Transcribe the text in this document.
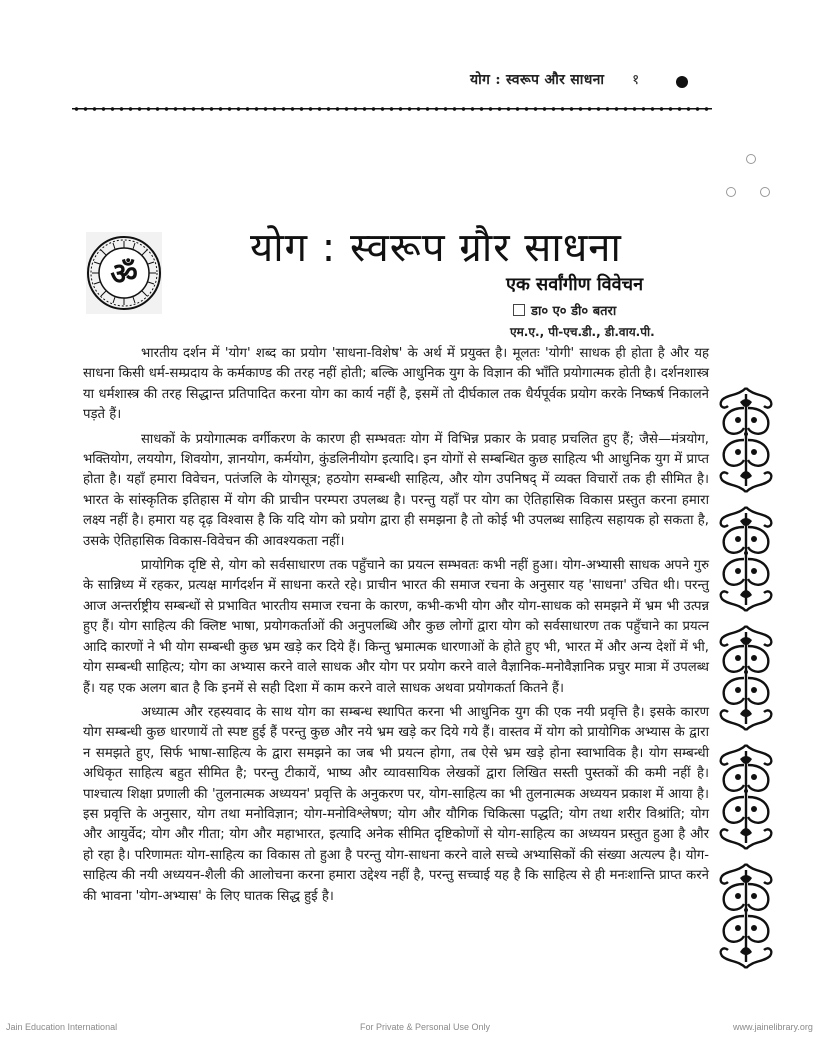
योग : स्वरूप और साधना १
ॐ
योग : स्वरूप ग्रौर साधना
एक सर्वांगीण विवेचन
डा० ए० डी० बतरा
एम.ए., पी-एच.डी., डी.वाय.पी.

भारतीय दर्शन में 'योग' शब्द का प्रयोग 'साधना-विशेष' के अर्थ में प्रयुक्त है। मूलतः 'योगी' साधक ही होता है और यह साधना किसी धर्म-सम्प्रदाय के कर्मकाण्ड की तरह नहीं होती; बल्कि आधुनिक युग के विज्ञान की भाँति प्रयोगात्मक होती है। दर्शनशास्त्र या धर्मशास्त्र की तरह सिद्धान्त प्रतिपादित करना योग का कार्य नहीं है, इसमें तो दीर्घकाल तक धैर्यपूर्वक प्रयोग करके निष्कर्ष निकालने पड़ते हैं।

साधकों के प्रयोगात्मक वर्गीकरण के कारण ही सम्भवतः योग में विभिन्न प्रकार के प्रवाह प्रचलित हुए हैं; जैसे—मंत्रयोग, भक्तियोग, लययोग, शिवयोग, ज्ञानयोग, कर्मयोग, कुंडलिनीयोग इत्यादि। इन योगों से सम्बन्धित कुछ साहित्य भी आधुनिक युग में प्राप्त होता है। यहाँ हमारा विवेचन, पतंजलि के योगसूत्र; हठयोग सम्बन्धी साहित्य, और योग उपनिषद् में व्यक्त विचारों तक ही सीमित है। भारत के सांस्कृतिक इतिहास में योग की प्राचीन परम्परा उपलब्ध है। परन्तु यहाँ पर योग का ऐतिहासिक विकास प्रस्तुत करना हमारा लक्ष्य नहीं है। हमारा यह दृढ़ विश्वास है कि यदि योग को प्रयोग द्वारा ही समझना है तो कोई भी उपलब्ध साहित्य सहायक हो सकता है, उसके ऐतिहासिक विकास-विवेचन की आवश्यकता नहीं।

प्रायोगिक दृष्टि से, योग को सर्वसाधारण तक पहुँचाने का प्रयत्न सम्भवतः कभी नहीं हुआ। योग-अभ्यासी साधक अपने गुरु के सान्निध्य में रहकर, प्रत्यक्ष मार्गदर्शन में साधना करते रहे। प्राचीन भारत की समाज रचना के अनुसार यह 'साधना' उचित थी। परन्तु आज अन्तर्राष्ट्रीय सम्बन्धों से प्रभावित भारतीय समाज रचना के कारण, कभी-कभी योग और योग-साधक को समझने में भ्रम भी उत्पन्न हुए हैं। योग साहित्य की क्लिष्ट भाषा, प्रयोगकर्ताओं की अनुपलब्धि और कुछ लोगों द्वारा योग को सर्वसाधारण तक पहुँचाने का प्रयत्न आदि कारणों ने भी योग सम्बन्धी कुछ भ्रम खड़े कर दिये हैं। किन्तु भ्रमात्मक धारणाओं के होते हुए भी, भारत में और अन्य देशों में भी, योग सम्बन्धी साहित्य; योग का अभ्यास करने वाले साधक और योग पर प्रयोग करने वाले वैज्ञानिक-मनोवैज्ञानिक प्रचुर मात्रा में उपलब्ध हैं। यह एक अलग बात है कि इनमें से सही दिशा में काम करने वाले साधक अथवा प्रयोगकर्ता कितने हैं।

अध्यात्म और रहस्यवाद के साथ योग का सम्बन्ध स्थापित करना भी आधुनिक युग की एक नयी प्रवृत्ति है। इसके कारण योग सम्बन्धी कुछ धारणायें तो स्पष्ट हुई हैं परन्तु कुछ और नये भ्रम खड़े कर दिये गये हैं। वास्तव में योग को प्रायोगिक अभ्यास के द्वारा न समझते हुए, सिर्फ भाषा-साहित्य के द्वारा समझने का जब भी प्रयत्न होगा, तब ऐसे भ्रम खड़े होना स्वाभाविक है। योग सम्बन्धी अधिकृत साहित्य बहुत सीमित है; परन्तु टीकायें, भाष्य और व्यावसायिक लेखकों द्वारा लिखित सस्ती पुस्तकों की कमी नहीं है। पाश्चात्य शिक्षा प्रणाली की 'तुलनात्मक अध्ययन' प्रवृत्ति के अनुकरण पर, योग-साहित्य का भी तुलनात्मक अध्ययन प्रकाश में आया है। इस प्रवृत्ति के अनुसार, योग तथा मनोविज्ञान; योग-मनोविश्लेषण; योग और यौगिक चिकित्सा पद्धति; योग तथा शरीर विश्रांति; योग और आयुर्वेद; योग और गीता; योग और महाभारत, इत्यादि अनेक सीमित दृष्टिकोणों से योग-साहित्य का अध्ययन प्रस्तुत हुआ है और हो रहा है। परिणामतः योग-साहित्य का विकास तो हुआ है परन्तु योग-साधना करने वाले सच्चे अभ्यासिकों की संख्या अत्यल्प है। योग-साहित्य की नयी अध्ययन-शैली की आलोचना करना हमारा उद्देश्य नहीं है, परन्तु सच्चाई यह है कि साहित्य से ही मनःशान्ति प्राप्त करने की भावना 'योग-अभ्यास' के लिए घातक सिद्ध हुई है।

Jain Education International	For Private & Personal Use Only	www.jainelibrary.org
